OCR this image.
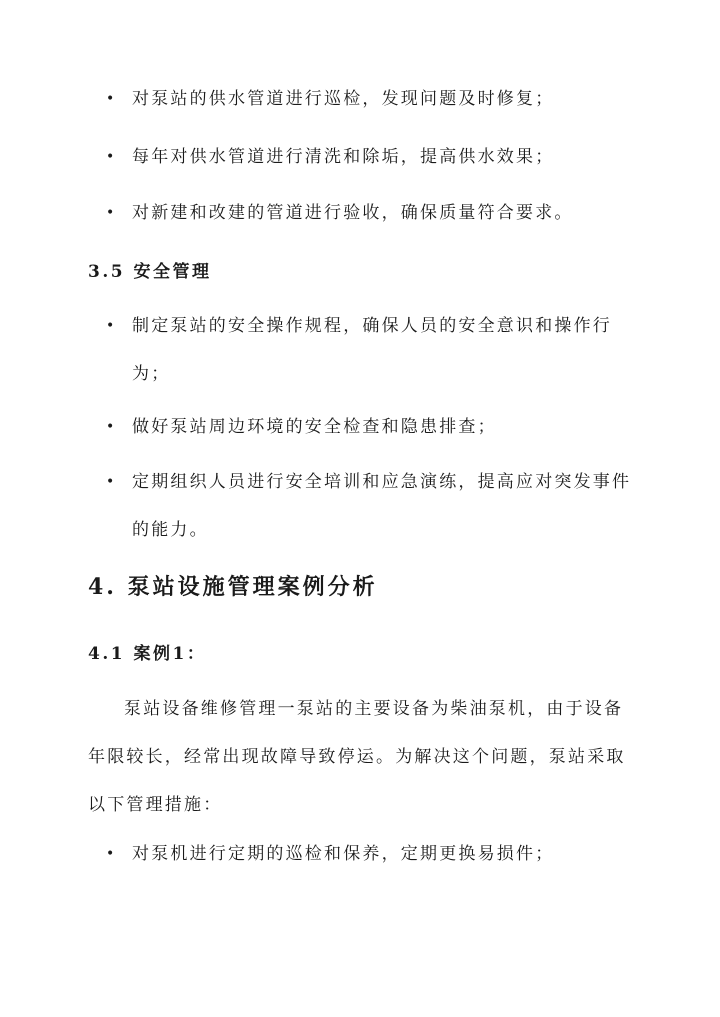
• 对泵站的供水管道进行巡检，发现问题及时修复；
• 每年对供水管道进行清洗和除垢，提高供水效果；
• 对新建和改建的管道进行验收，确保质量符合要求。
3.5 安全管理
• 制定泵站的安全操作规程，确保人员的安全意识和操作行为；
• 做好泵站周边环境的安全检查和隐患排查；
• 定期组织人员进行安全培训和应急演练，提高应对突发事件的能力。
4. 泵站设施管理案例分析
4.1 案例1：
泵站设备维修管理一泵站的主要设备为柴油泵机，由于设备年限较长，经常出现故障导致停运。为解决这个问题，泵站采取以下管理措施：
• 对泵机进行定期的巡检和保养，定期更换易损件；
